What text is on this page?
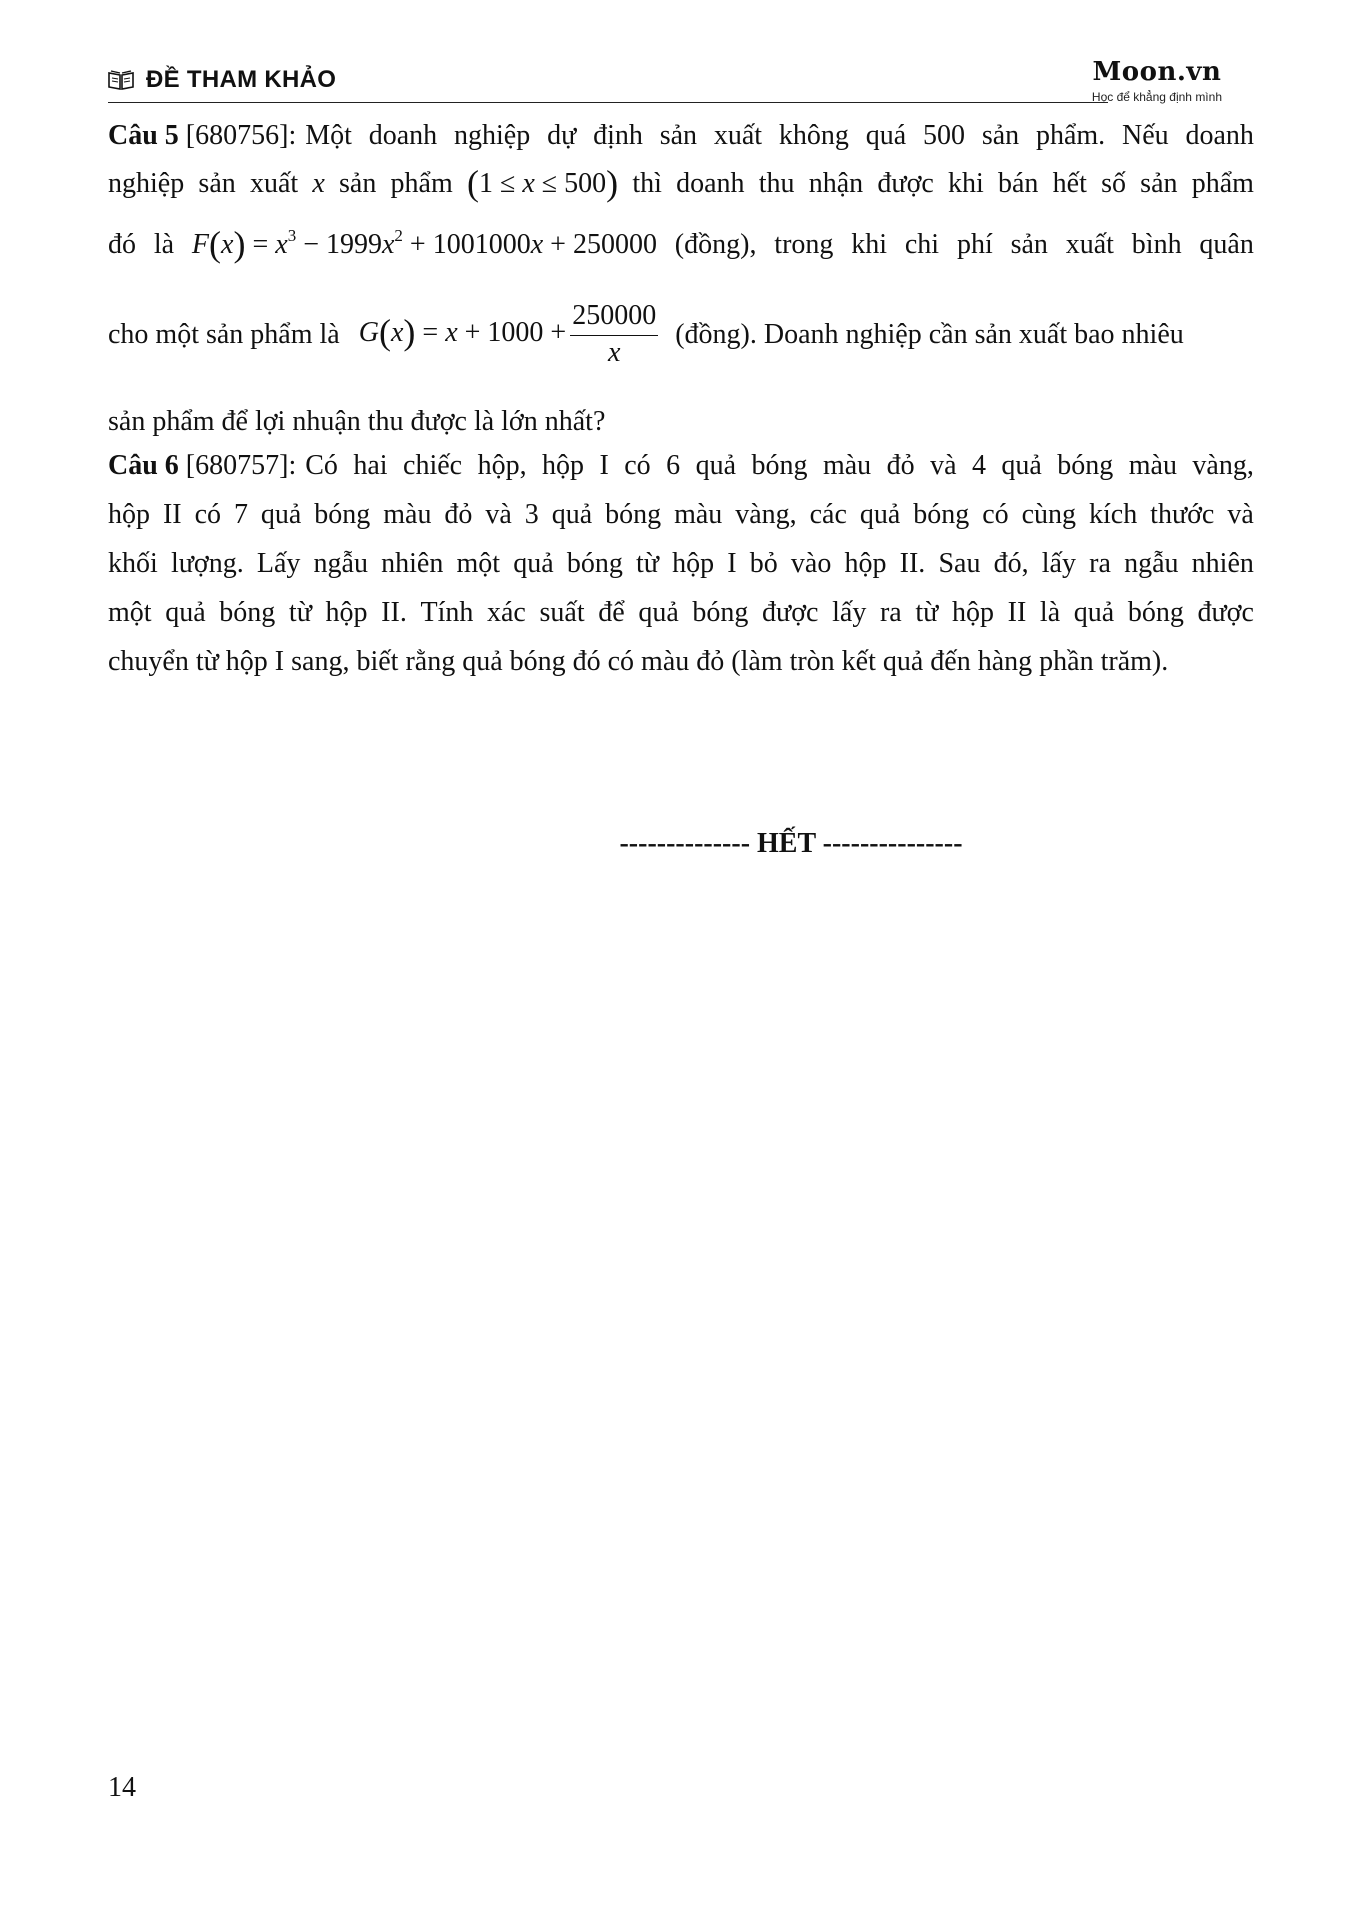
ĐỀ THAM KHẢO	Moon.vn
Học để khẳng định mình
Câu 5 [680756]: Một doanh nghiệp dự định sản xuất không quá 500 sản phẩm. Nếu doanh
nghiệp sản xuất x sản phẩm (1 ≤ x ≤ 500) thì doanh thu nhận được khi bán hết số sản phẩm
đó là $F(x) = x^3 - 1999x^2 + 1001000x + 250000$ (đồng), trong khi chi phí sản xuất bình quân
cho một sản phẩm là $G(x) = x + 1000 + \frac{250000}{x}$ (đồng). Doanh nghiệp cần sản xuất bao nhiêu
sản phẩm để lợi nhuận thu được là lớn nhất?
Câu 6 [680757]: Có hai chiếc hộp, hộp I có 6 quả bóng màu đỏ và 4 quả bóng màu vàng,
hộp II có 7 quả bóng màu đỏ và 3 quả bóng màu vàng, các quả bóng có cùng kích thước và
khối lượng. Lấy ngẫu nhiên một quả bóng từ hộp I bỏ vào hộp II. Sau đó, lấy ra ngẫu nhiên
một quả bóng từ hộp II. Tính xác suất để quả bóng được lấy ra từ hộp II là quả bóng được
chuyển từ hộp I sang, biết rằng quả bóng đó có màu đỏ (làm tròn kết quả đến hàng phần trăm).
-------------- HẾT ---------------
14
